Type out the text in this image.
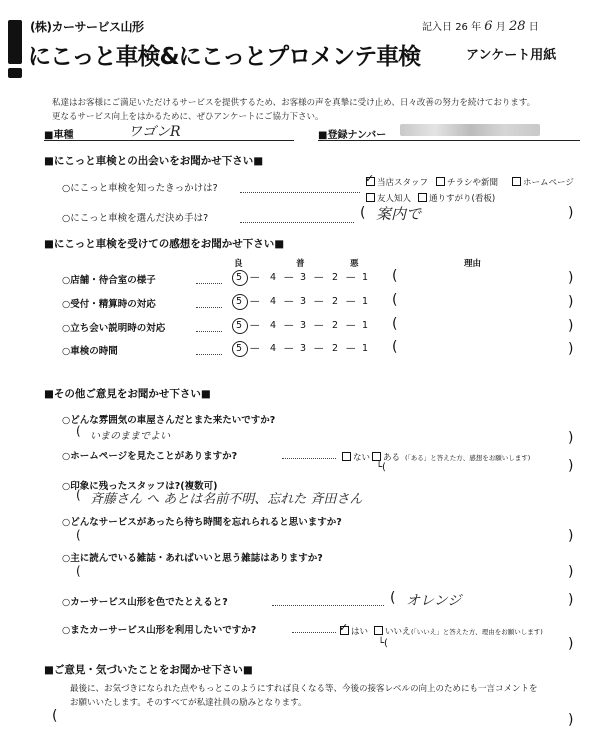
(株)カーサービス山形
にこっと車検&にこっとプロメンテ車検	アンケート用紙
記入日 26 年 6 月 28 日
私達はお客様にご満足いただけるサービスを提供するため、お客様の声を真摯に受け止め、日々改善の努力を続けております。
更なるサービス向上をはかるために、ぜひアンケートにご協力下さい。
■車種	ワゴンR	■登録ナンバー
■にこっと車検との出会いをお聞かせ下さい■
○にこっと車検を知ったきっかけは?
✓ 当店スタッフ	チラシや新聞	ホームページ
友人知人	通りすがり(看板)
○にこっと車検を選んだ決め手は?	( 案内で	)
■にこっと車検を受けての感想をお聞かせ下さい■
良	普	悪	理由
○店舗・待合室の様子	5 — 4 — 3 — 2 — 1 (	)
○受付・精算時の対応	5 — 4 — 3 — 2 — 1 (	)
○立ち会い説明時の対応	5 — 4 — 3 — 2 — 1 (	)
○車検の時間	5 — 4 — 3 — 2 — 1 (	)
■その他ご意見をお聞かせ下さい■
○どんな雰囲気の車屋さんだとまた来たいですか?
( いまのままでよい	)
○ホームページを見たことがありますか?	ない	ある (「ある」と答えた方、感想をお願いします)
└(	)
○印象に残ったスタッフは?(複数可)
( 斉藤さん へ あとは名前不明、忘れた 斉田さん
○どんなサービスがあったら待ち時間を忘れられると思いますか?
(	)
○主に読んでいる雑誌・あればいいと思う雑誌はありますか?
(	)
○カーサービス山形を色でたとえると?	( オレンジ	)
○またカーサービス山形を利用したいですか?	✓ はい	いいえ (「いいえ」と答えた方、理由をお願いします)
└(	)
■ご意見・気づいたことをお聞かせ下さい■
最後に、お気づきになられた点やもっとこのようにすれば良くなる等、今後の接客レベルの向上のためにも一言コメントを
お願いいたします。そのすべてが私達社員の励みとなります。
(	)
